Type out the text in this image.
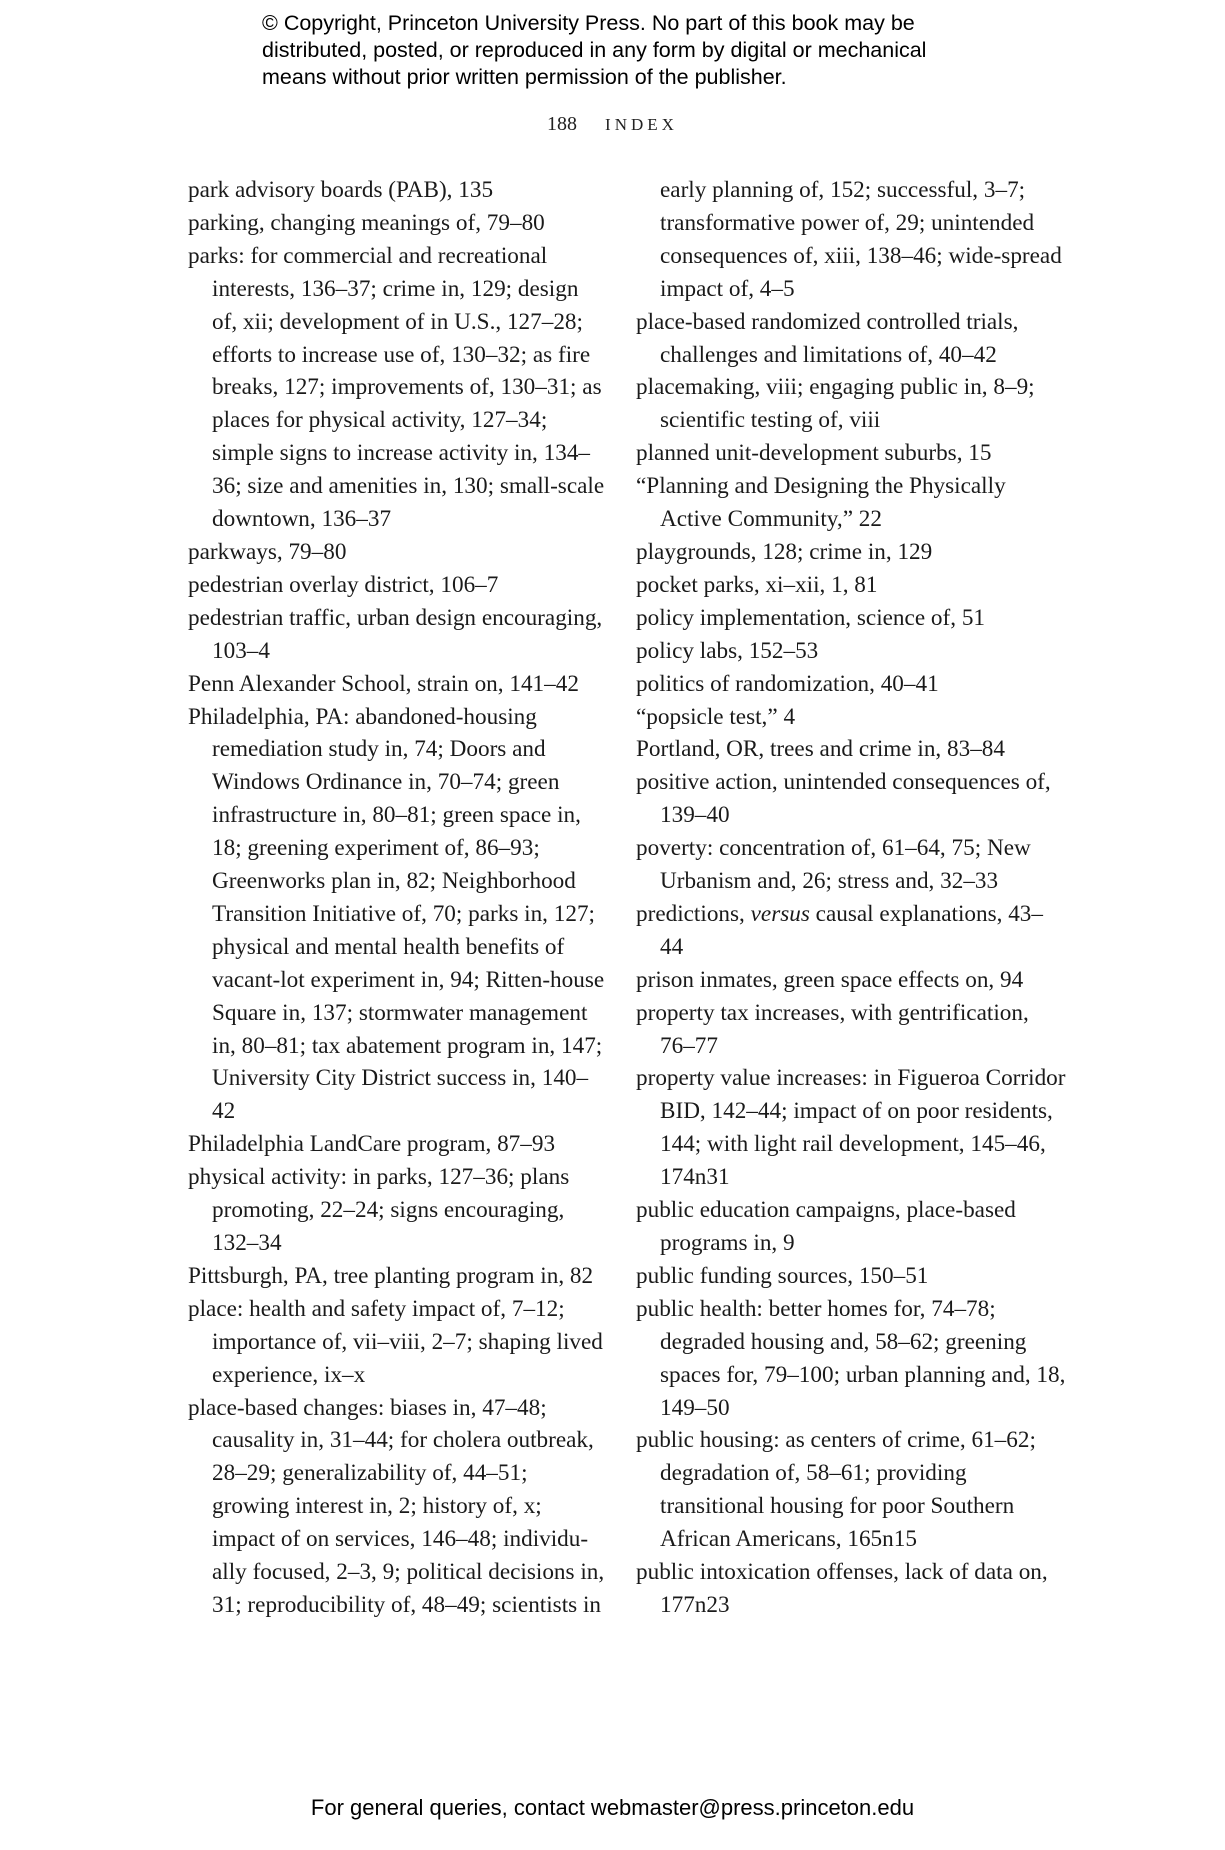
© Copyright, Princeton University Press. No part of this book may be distributed, posted, or reproduced in any form by digital or mechanical means without prior written permission of the publisher.
188 INDEX

park advisory boards (PAB), 135

parking, changing meanings of, 79–80

parks: for commercial and recreational interests, 136–37; crime in, 129; design of, xii; development of in U.S., 127–28; efforts to increase use of, 130–32; as fire breaks, 127; improvements of, 130–31; as places for physical activity, 127–34; simple signs to increase activity in, 134–36; size and amenities in, 130; small-scale downtown, 136–37

parkways, 79–80

pedestrian overlay district, 106–7

pedestrian traffic, urban design encouraging, 103–4

Penn Alexander School, strain on, 141–42

Philadelphia, PA: abandoned-housing remediation study in, 74; Doors and Windows Ordinance in, 70–74; green infrastructure in, 80–81; green space in, 18; greening experiment of, 86–93; Greenworks plan in, 82; Neighborhood Transition Initiative of, 70; parks in, 127; physical and mental health benefits of vacant-lot experiment in, 94; Ritten-house Square in, 137; stormwater management in, 80–81; tax abatement program in, 147; University City District success in, 140–42

Philadelphia LandCare program, 87–93

physical activity: in parks, 127–36; plans promoting, 22–24; signs encouraging, 132–34

Pittsburgh, PA, tree planting program in, 82

place: health and safety impact of, 7–12; importance of, vii–viii, 2–7; shaping lived experience, ix–x

place-based changes: biases in, 47–48; causality in, 31–44; for cholera outbreak, 28–29; generalizability of, 44–51; growing interest in, 2; history of, x; impact of on services, 146–48; individu-ally focused, 2–3, 9; political decisions in, 31; reproducibility of, 48–49; scientists in

early planning of, 152; successful, 3–7; transformative power of, 29; unintended consequences of, xiii, 138–46; wide-spread impact of, 4–5

place-based randomized controlled trials, challenges and limitations of, 40–42

placemaking, viii; engaging public in, 8–9; scientific testing of, viii

planned unit-development suburbs, 15

“Planning and Designing the Physically Active Community,” 22

playgrounds, 128; crime in, 129

pocket parks, xi–xii, 1, 81

policy implementation, science of, 51

policy labs, 152–53

politics of randomization, 40–41

“popsicle test,” 4

Portland, OR, trees and crime in, 83–84

positive action, unintended consequences of, 139–40

poverty: concentration of, 61–64, 75; New Urbanism and, 26; stress and, 32–33

predictions, versus causal explanations, 43–44

prison inmates, green space effects on, 94

property tax increases, with gentrification, 76–77

property value increases: in Figueroa Corridor BID, 142–44; impact of on poor residents, 144; with light rail development, 145–46, 174n31

public education campaigns, place-based programs in, 9

public funding sources, 150–51

public health: better homes for, 74–78; degraded housing and, 58–62; greening spaces for, 79–100; urban planning and, 18, 149–50

public housing: as centers of crime, 61–62; degradation of, 58–61; providing transitional housing for poor Southern African Americans, 165n15

public intoxication offenses, lack of data on, 177n23

For general queries, contact webmaster@press.princeton.edu
